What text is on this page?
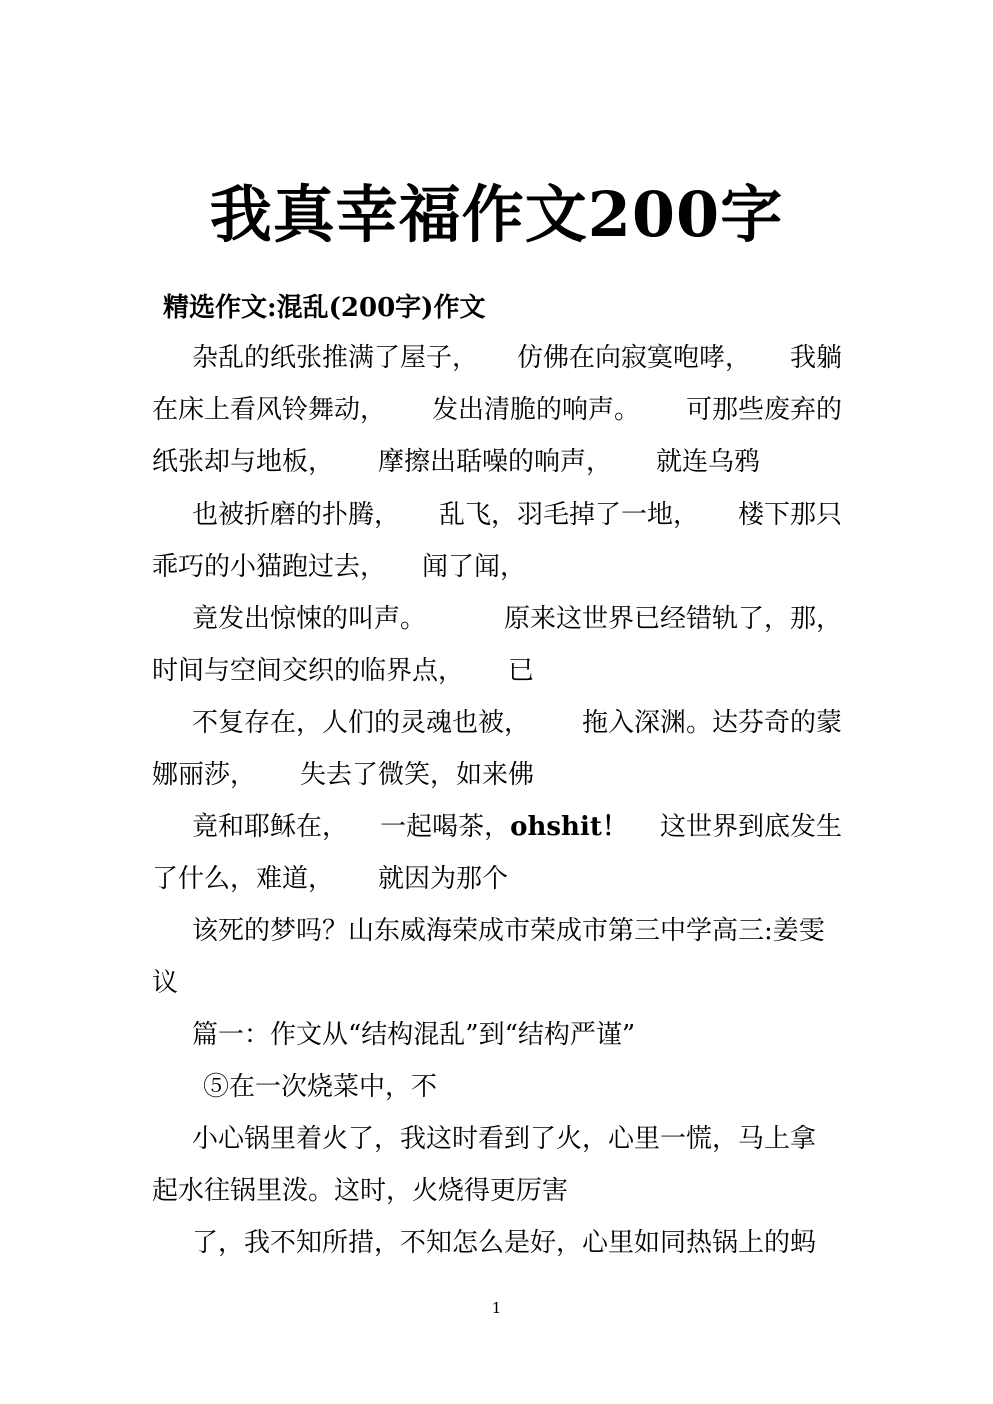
我真幸福作文200字
精选作文:混乱(200字)作文
杂乱的纸张推满了屋子， 仿佛在向寂寞咆哮， 我躺
在床上看风铃舞动， 发出清脆的响声。 可那些废弃的
纸张却与地板， 摩擦出聒噪的响声， 就连乌鸦
也被折磨的扑腾， 乱飞，羽毛掉了一地， 楼下那只
乖巧的小猫跑过去， 闻了闻，
竟发出惊悚的叫声。	原来这世界已经错轨了，那，
时间与空间交织的临界点， 已
不复存在，人们的灵魂也被， 拖入深渊。达芬奇的蒙
娜丽莎， 失去了微笑，如来佛
竟和耶稣在， 一起喝茶，ohshit！ 这世界到底发生
了什么，难道， 就因为那个
该死的梦吗？山东威海荣成市荣成市第三中学高三:姜雯
议
篇一：作文从“结构混乱”到“结构严谨”
⑤在一次烧菜中，不
小心锅里着火了，我这时看到了火，心里一慌，马上拿
起水往锅里泼。这时，火烧得更厉害
了，我不知所措，不知怎么是好，心里如同热锅上的蚂
1
